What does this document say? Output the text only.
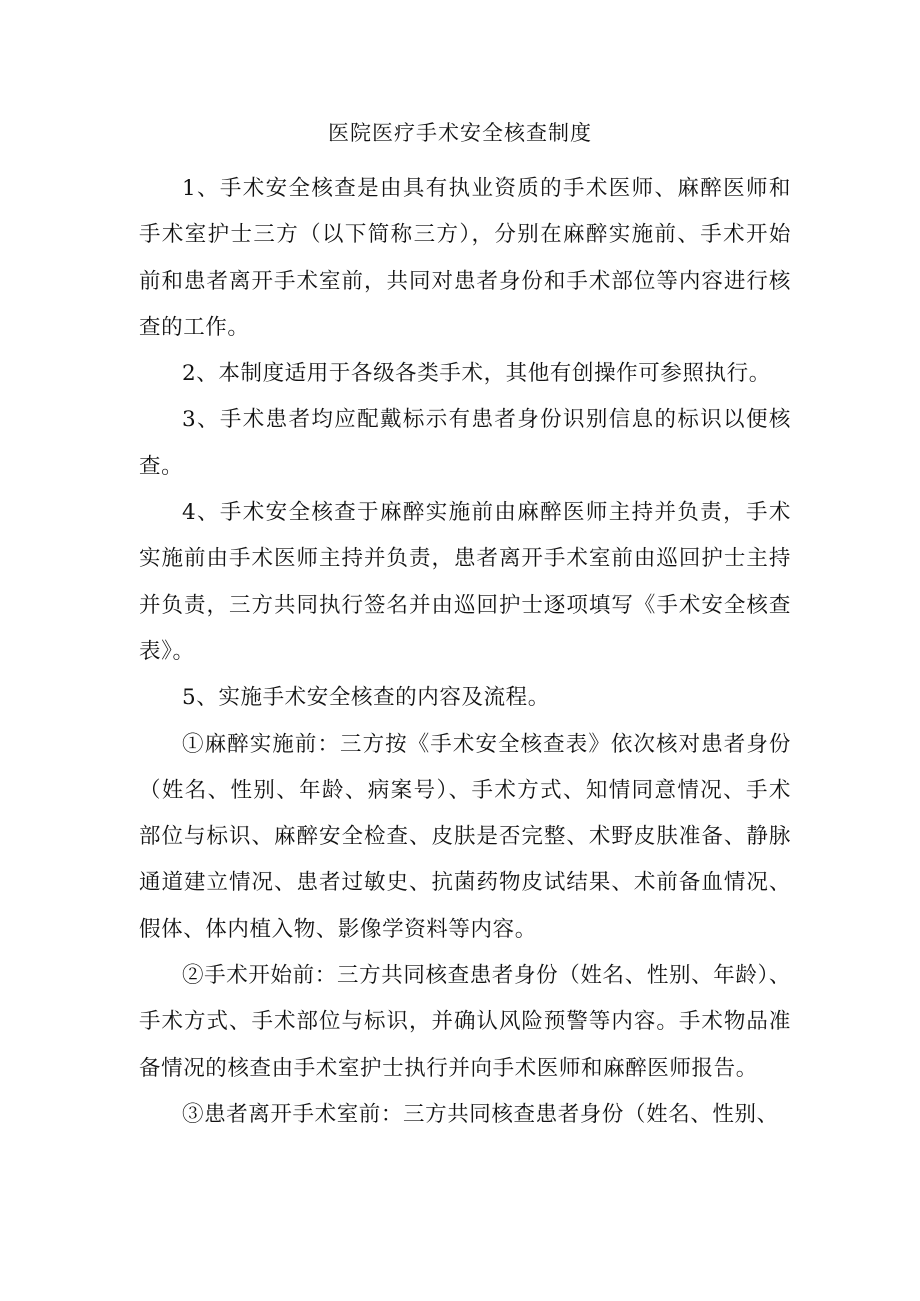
医院医疗手术安全核查制度

1、手术安全核查是由具有执业资质的手术医师、麻醉医师和手术室护士三方（以下简称三方），分别在麻醉实施前、手术开始前和患者离开手术室前，共同对患者身份和手术部位等内容进行核查的工作。

2、本制度适用于各级各类手术，其他有创操作可参照执行。

3、手术患者均应配戴标示有患者身份识别信息的标识以便核查。

4、手术安全核查于麻醉实施前由麻醉医师主持并负责，手术实施前由手术医师主持并负责，患者离开手术室前由巡回护士主持并负责，三方共同执行签名并由巡回护士逐项填写《手术安全核查表》。

5、实施手术安全核查的内容及流程。

①麻醉实施前：三方按《手术安全核查表》依次核对患者身份（姓名、性别、年龄、病案号）、手术方式、知情同意情况、手术部位与标识、麻醉安全检查、皮肤是否完整、术野皮肤准备、静脉通道建立情况、患者过敏史、抗菌药物皮试结果、术前备血情况、假体、体内植入物、影像学资料等内容。

②手术开始前：三方共同核查患者身份（姓名、性别、年龄）、手术方式、手术部位与标识，并确认风险预警等内容。手术物品准备情况的核查由手术室护士执行并向手术医师和麻醉医师报告。

③患者离开手术室前：三方共同核查患者身份（姓名、性别、
